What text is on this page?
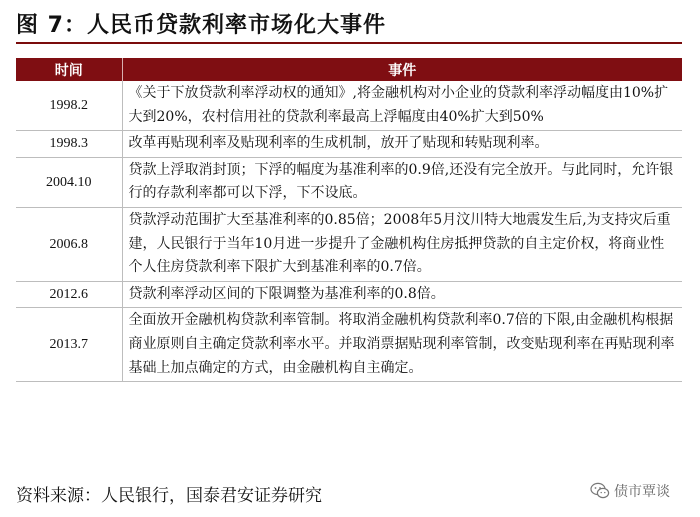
图 7：人民币贷款利率市场化大事件
时间	事件
1998.2	《关于下放贷款利率浮动权的通知》,将金融机构对小企业的贷款利率浮动幅度由10%扩大到20%，农村信用社的贷款利率最高上浮幅度由40%扩大到50%
1998.3	改革再贴现利率及贴现利率的生成机制，放开了贴现和转贴现利率。
2004.10	贷款上浮取消封顶；下浮的幅度为基准利率的0.9倍,还没有完全放开。与此同时，允许银行的存款利率都可以下浮，下不设底。
2006.8	贷款浮动范围扩大至基准利率的0.85倍；2008年5月汶川特大地震发生后,为支持灾后重建，人民银行于当年10月进一步提升了金融机构住房抵押贷款的自主定价权，将商业性个人住房贷款利率下限扩大到基准利率的0.7倍。
2012.6	贷款利率浮动区间的下限调整为基准利率的0.8倍。
2013.7	全面放开金融机构贷款利率管制。将取消金融机构贷款利率0.7倍的下限,由金融机构根据商业原则自主确定贷款利率水平。并取消票据贴现利率管制，改变贴现利率在再贴现利率基础上加点确定的方式，由金融机构自主确定。
资料来源：人民银行，国泰君安证券研究	债市覃谈
